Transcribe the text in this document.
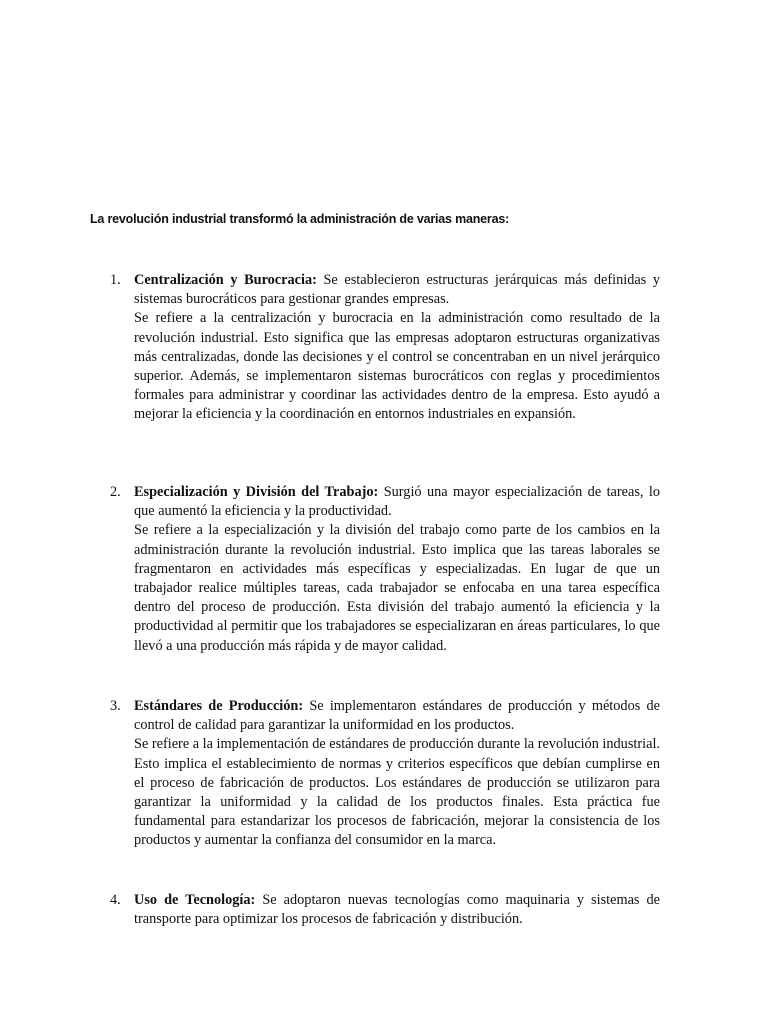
La revolución industrial transformó la administración de varias maneras:
1. Centralización y Burocracia: Se establecieron estructuras jerárquicas más definidas y sistemas burocráticos para gestionar grandes empresas.

Se refiere a la centralización y burocracia en la administración como resultado de la revolución industrial. Esto significa que las empresas adoptaron estructuras organizativas más centralizadas, donde las decisiones y el control se concentraban en un nivel jerárquico superior. Además, se implementaron sistemas burocráticos con reglas y procedimientos formales para administrar y coordinar las actividades dentro de la empresa. Esto ayudó a mejorar la eficiencia y la coordinación en entornos industriales en expansión.

2. Especialización y División del Trabajo: Surgió una mayor especialización de tareas, lo que aumentó la eficiencia y la productividad.

Se refiere a la especialización y la división del trabajo como parte de los cambios en la administración durante la revolución industrial. Esto implica que las tareas laborales se fragmentaron en actividades más específicas y especializadas. En lugar de que un trabajador realice múltiples tareas, cada trabajador se enfocaba en una tarea específica dentro del proceso de producción. Esta división del trabajo aumentó la eficiencia y la productividad al permitir que los trabajadores se especializaran en áreas particulares, lo que llevó a una producción más rápida y de mayor calidad.

3. Estándares de Producción: Se implementaron estándares de producción y métodos de control de calidad para garantizar la uniformidad en los productos.

Se refiere a la implementación de estándares de producción durante la revolución industrial. Esto implica el establecimiento de normas y criterios específicos que debían cumplirse en el proceso de fabricación de productos. Los estándares de producción se utilizaron para garantizar la uniformidad y la calidad de los productos finales. Esta práctica fue fundamental para estandarizar los procesos de fabricación, mejorar la consistencia de los productos y aumentar la confianza del consumidor en la marca.

4. Uso de Tecnología: Se adoptaron nuevas tecnologías como maquinaria y sistemas de transporte para optimizar los procesos de fabricación y distribución.
